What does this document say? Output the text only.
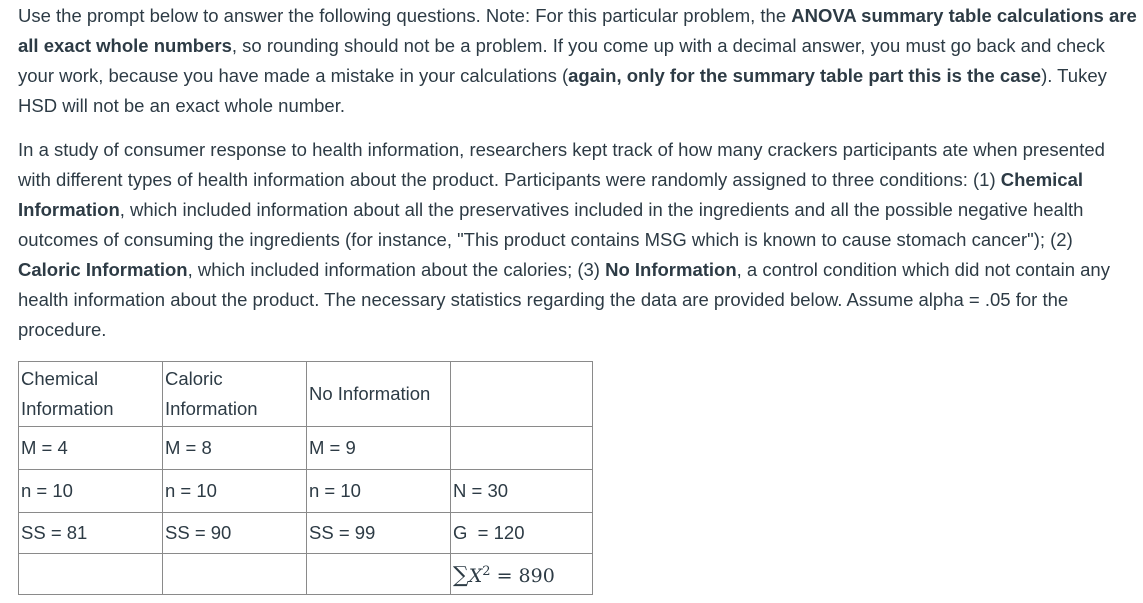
Use the prompt below to answer the following questions. Note: For this particular problem, the ANOVA summary table calculations are all exact whole numbers, so rounding should not be a problem. If you come up with a decimal answer, you must go back and check your work, because you have made a mistake in your calculations (again, only for the summary table part this is the case). Tukey HSD will not be an exact whole number.

In a study of consumer response to health information, researchers kept track of how many crackers participants ate when presented with different types of health information about the product. Participants were randomly assigned to three conditions: (1) Chemical Information, which included information about all the preservatives included in the ingredients and all the possible negative health outcomes of consuming the ingredients (for instance, "This product contains MSG which is known to cause stomach cancer"); (2) Caloric Information, which included information about the calories; (3) No Information, a control condition which did not contain any health information about the product. The necessary statistics regarding the data are provided below. Assume alpha = .05 for the procedure.

Chemical Information	Caloric Information	No Information	
M = 4	M = 8	M = 9	
n = 10	n = 10	n = 10	N = 30
SS = 81	SS = 90	SS = 99	G  = 120
			$\sum X^2 = 890$
